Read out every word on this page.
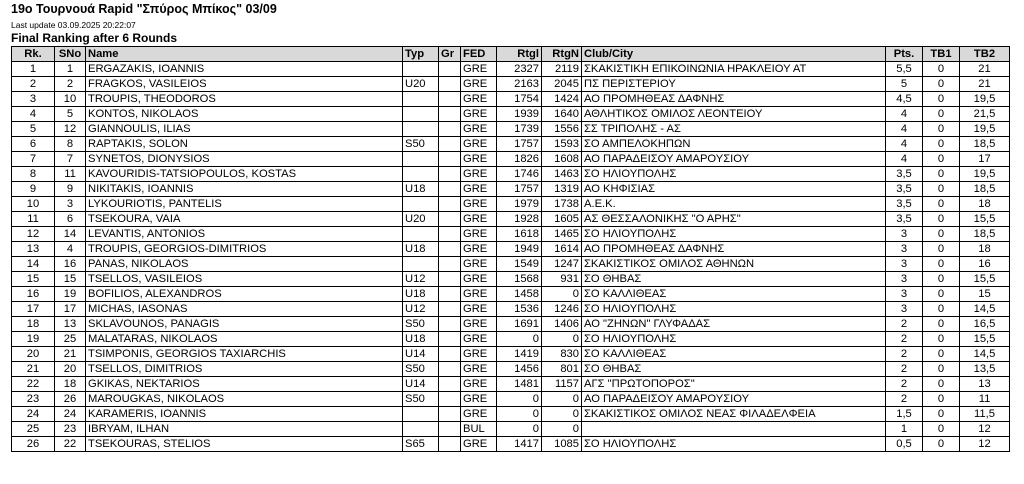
19ο Τουρνουά Rapid "Σπύρος Μπίκος" 03/09
Last update 03.09.2025 20:22:07
Final Ranking after 6 Rounds
Rk.	SNo	Name	Typ	Gr	FED	Rtgl	RtgN	Club/City	Pts.	TB1	TB2
1	1	ERGAZAKIS, IOANNIS			GRE	2327	2119	ΣΚΑΚΙΣΤΙΚΗ ΕΠΙΚΟΙΝΩΝΙΑ ΗΡΑΚΛΕΙΟΥ ΑΤ	5,5	0	21
2	2	FRAGKOS, VASILEIOS	U20		GRE	2163	2045	ΠΣ ΠΕΡΙΣΤΕΡΙΟΥ	5	0	21
3	10	TROUPIS, THEODOROS			GRE	1754	1424	ΑΟ ΠΡΟΜΗΘΕΑΣ ΔΑΦΝΗΣ	4,5	0	19,5
4	5	KONTOS, NIKOLAOS			GRE	1939	1640	ΑΘΛΗΤΙΚΟΣ ΟΜΙΛΟΣ ΛΕΟΝΤΕΙΟΥ	4	0	21,5
5	12	GIANNOULIS, ILIAS			GRE	1739	1556	ΣΣ ΤΡΙΠΟΛΗΣ - ΑΣ	4	0	19,5
6	8	RAPTAKIS, SOLON	S50		GRE	1757	1593	ΣΟ ΑΜΠΕΛΟΚΗΠΩΝ	4	0	18,5
7	7	SYNETOS, DIONYSIOS			GRE	1826	1608	ΑΟ ΠΑΡΑΔΕΙΣΟΥ ΑΜΑΡΟΥΣΙΟΥ	4	0	17
8	11	KAVOURIDIS-TATSIOPOULOS, KOSTAS			GRE	1746	1463	ΣΟ ΗΛΙΟΥΠΟΛΗΣ	3,5	0	19,5
9	9	NIKITAKIS, IOANNIS	U18		GRE	1757	1319	ΑΟ ΚΗΦΙΣΙΑΣ	3,5	0	18,5
10	3	LYKOURIOTIS, PANTELIS			GRE	1979	1738	Α.Ε.Κ.	3,5	0	18
11	6	TSEKOURA, VAIA	U20		GRE	1928	1605	ΑΣ ΘΕΣΣΑΛΟΝΙΚΗΣ "Ο ΑΡΗΣ"	3,5	0	15,5
12	14	LEVANTIS, ANTONIOS			GRE	1618	1465	ΣΟ ΗΛΙΟΥΠΟΛΗΣ	3	0	18,5
13	4	TROUPIS, GEORGIOS-DIMITRIOS	U18		GRE	1949	1614	ΑΟ ΠΡΟΜΗΘΕΑΣ ΔΑΦΝΗΣ	3	0	18
14	16	PANAS, NIKOLAOS			GRE	1549	1247	ΣΚΑΚΙΣΤΙΚΟΣ ΟΜΙΛΟΣ ΑΘΗΝΩΝ	3	0	16
15	15	TSELLOS, VASILEIOS	U12		GRE	1568	931	ΣΟ ΘΗΒΑΣ	3	0	15,5
16	19	BOFILIOS, ALEXANDROS	U18		GRE	1458	0	ΣΟ ΚΑΛΛΙΘΕΑΣ	3	0	15
17	17	MICHAS, IASONAS	U12		GRE	1536	1246	ΣΟ ΗΛΙΟΥΠΟΛΗΣ	3	0	14,5
18	13	SKLAVOUNOS, PANAGIS	S50		GRE	1691	1406	ΑΟ "ΖΗΝΩΝ" ΓΛΥΦΑΔΑΣ	2	0	16,5
19	25	MALATARAS, NIKOLAOS	U18		GRE	0	0	ΣΟ ΗΛΙΟΥΠΟΛΗΣ	2	0	15,5
20	21	TSIMPONIS, GEORGIOS TAXIARCHIS	U14		GRE	1419	830	ΣΟ ΚΑΛΛΙΘΕΑΣ	2	0	14,5
21	20	TSELLOS, DIMITRIOS	S50		GRE	1456	801	ΣΟ ΘΗΒΑΣ	2	0	13,5
22	18	GKIKAS, NEKTARIOS	U14		GRE	1481	1157	ΑΓΣ "ΠΡΩΤΟΠΟΡΟΣ"	2	0	13
23	26	MAROUGKAS, NIKOLAOS	S50		GRE	0	0	ΑΟ ΠΑΡΑΔΕΙΣΟΥ ΑΜΑΡΟΥΣΙΟΥ	2	0	11
24	24	KARAMERIS, IOANNIS			GRE	0	0	ΣΚΑΚΙΣΤΙΚΟΣ ΟΜΙΛΟΣ ΝΕΑΣ ΦΙΛΑΔΕΛΦΕΙΑ	1,5	0	11,5
25	23	IBRYAM, ILHAN			BUL	0	0		1	0	12
26	22	TSEKOURAS, STELIOS	S65		GRE	1417	1085	ΣΟ ΗΛΙΟΥΠΟΛΗΣ	0,5	0	12
